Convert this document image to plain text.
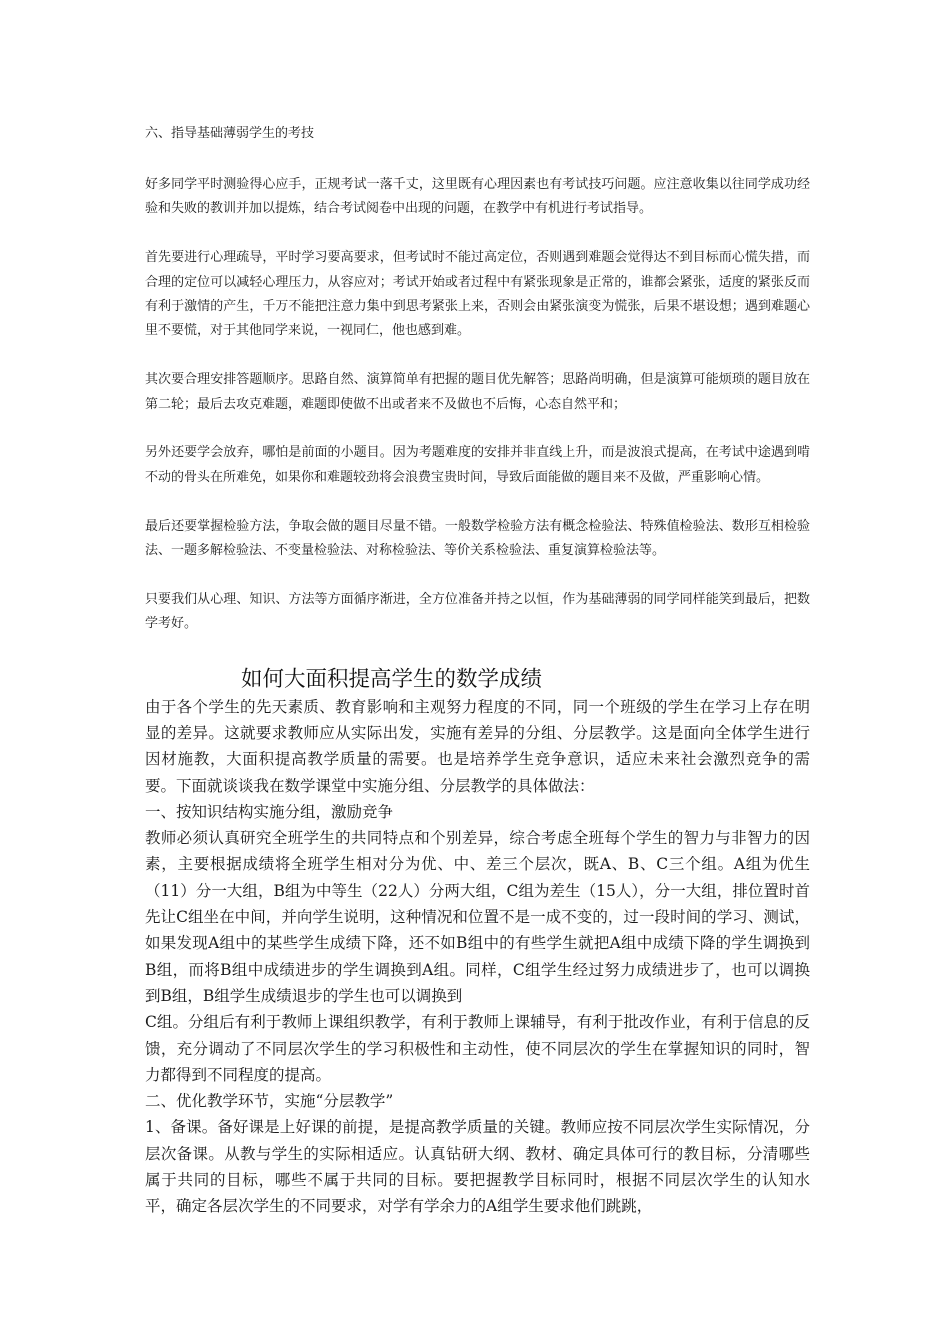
六、指导基础薄弱学生的考技

好多同学平时测验得心应手，正规考试一落千丈，这里既有心理因素也有考试技巧问题。应注意收集以往同学成功经验和失败的教训并加以提炼，结合考试阅卷中出现的问题，在教学中有机进行考试指导。

首先要进行心理疏导，平时学习要高要求，但考试时不能过高定位，否则遇到难题会觉得达不到目标而心慌失措，而合理的定位可以减轻心理压力，从容应对；考试开始或者过程中有紧张现象是正常的，谁都会紧张，适度的紧张反而有利于激情的产生，千万不能把注意力集中到思考紧张上来，否则会由紧张演变为慌张，后果不堪设想；遇到难题心里不要慌，对于其他同学来说，一视同仁，他也感到难。

其次要合理安排答题顺序。思路自然、演算简单有把握的题目优先解答；思路尚明确，但是演算可能烦琐的题目放在第二轮；最后去攻克难题，难题即使做不出或者来不及做也不后悔，心态自然平和；

另外还要学会放弃，哪怕是前面的小题目。因为考题难度的安排并非直线上升，而是波浪式提高，在考试中途遇到啃不动的骨头在所难免，如果你和难题较劲将会浪费宝贵时间，导致后面能做的题目来不及做，严重影响心情。

最后还要掌握检验方法，争取会做的题目尽量不错。一般数学检验方法有概念检验法、特殊值检验法、数形互相检验法、一题多解检验法、不变量检验法、对称检验法、等价关系检验法、重复演算检验法等。

只要我们从心理、知识、方法等方面循序渐进，全方位准备并持之以恒，作为基础薄弱的同学同样能笑到最后，把数学考好。

如何大面积提高学生的数学成绩

由于各个学生的先天素质、教育影响和主观努力程度的不同，同一个班级的学生在学习上存在明显的差异。这就要求教师应从实际出发，实施有差异的分组、分层教学。这是面向全体学生进行因材施教，大面积提高教学质量的需要。也是培养学生竞争意识，适应未来社会激烈竞争的需要。下面就谈谈我在数学课堂中实施分组、分层教学的具体做法：

一、按知识结构实施分组，激励竞争

教师必须认真研究全班学生的共同特点和个别差异，综合考虑全班每个学生的智力与非智力的因素，主要根据成绩将全班学生相对分为优、中、差三个层次，既A、B、C三个组。A组为优生（11）分一大组，B组为中等生（22人）分两大组，C组为差生（15人），分一大组，排位置时首先让C组坐在中间，并向学生说明，这种情况和位置不是一成不变的，过一段时间的学习、测试，如果发现A组中的某些学生成绩下降，还不如B组中的有些学生就把A组中成绩下降的学生调换到B组，而将B组中成绩进步的学生调换到A组。同样，C组学生经过努力成绩进步了，也可以调换到B组，B组学生成绩退步的学生也可以调换到

C组。分组后有利于教师上课组织教学，有利于教师上课辅导，有利于批改作业，有利于信息的反馈，充分调动了不同层次学生的学习积极性和主动性，使不同层次的学生在掌握知识的同时，智力都得到不同程度的提高。

二、优化教学环节，实施“分层教学”

1、备课。备好课是上好课的前提，是提高教学质量的关键。教师应按不同层次学生实际情况，分层次备课。从教与学生的实际相适应。认真钻研大纲、教材、确定具体可行的教目标，分清哪些属于共同的目标，哪些不属于共同的目标。要把握教学目标同时，根据不同层次学生的认知水平，确定各层次学生的不同要求，对学有学余力的A组学生要求他们跳跳，
